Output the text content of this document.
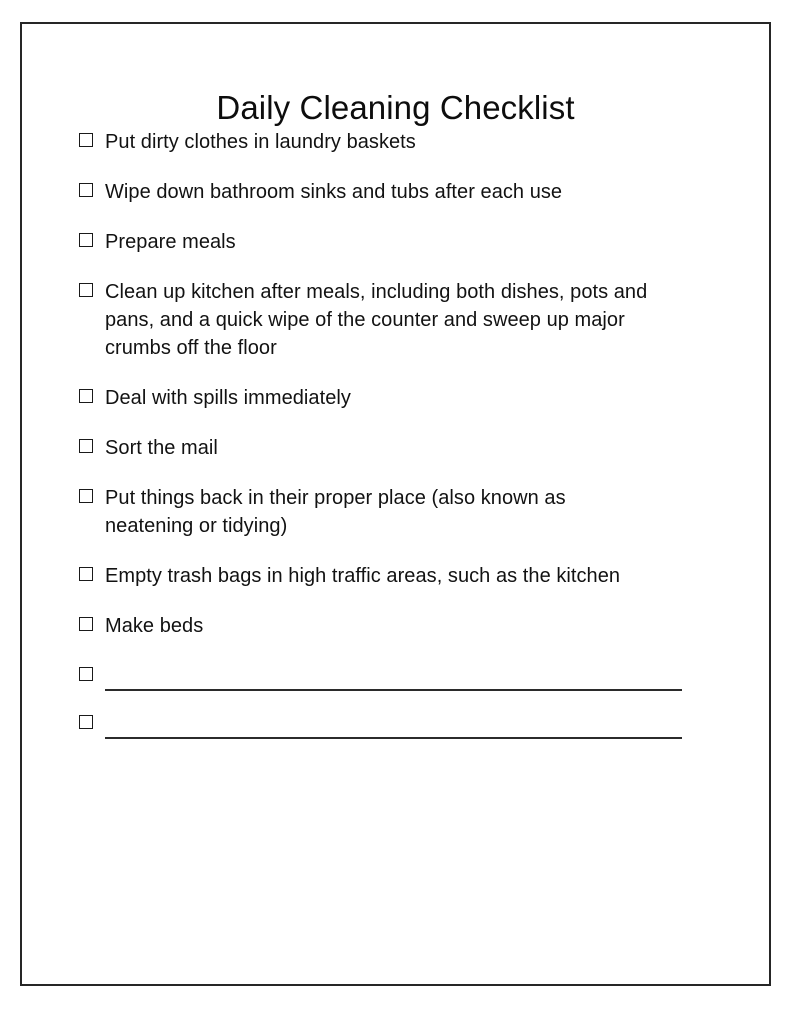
Daily Cleaning Checklist
Put dirty clothes in laundry baskets
Wipe down bathroom sinks and tubs after each use
Prepare meals
Clean up kitchen after meals, including both dishes, pots and pans, and a quick wipe of the counter and sweep up major crumbs off the floor
Deal with spills immediately
Sort the mail
Put things back in their proper place (also known as neatening or tidying)
Empty trash bags in high traffic areas, such as the kitchen
Make beds
